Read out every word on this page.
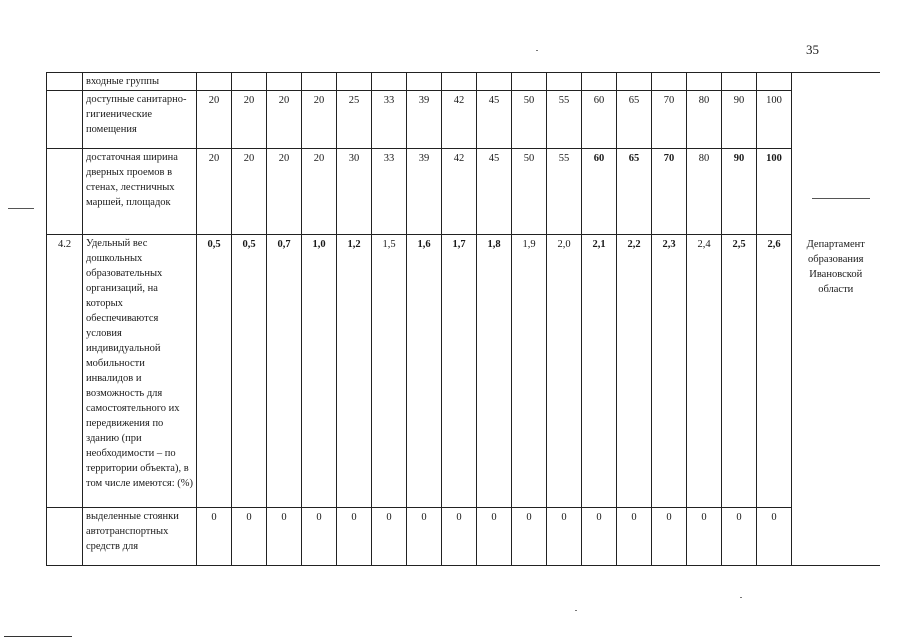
35
	входные группы																		Департамент образования Ивановской области

	доступные санитарно-гигиенические помещения	20	20	20	20	25	33	39	42	45	50	55	60	65	70	80	90	100	
	достаточная ширина дверных проемов в стенах, лестничных маршей, площадок	20	20	20	20	30	33	39	42	45	50	55	60	65	70	80	90	100	
4.2	Удельный вес дошкольных образовательных организаций, на которых обеспечиваются условия индивидуальной мобильности инвалидов и возможность для самостоятельного их передвижения по зданию (при необходимости – по территории объекта), в том числе имеются: (%)	0,5	0,5	0,7	1,0	1,2	1,5	1,6	1,7	1,8	1,9	2,0	2,1	2,2	2,3	2,4	2,5	2,6	
	выделенные стоянки автотранспортных средств для	0	0	0	0	0	0	0	0	0	0	0	0	0	0	0	0	0	
